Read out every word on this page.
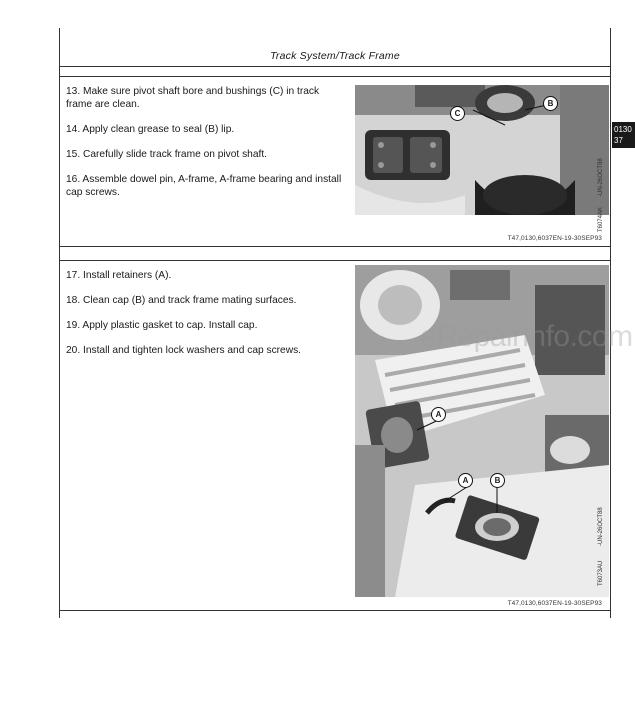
Track System/Track Frame
0130
37
13. Make sure pivot shaft bore and bushings (C) in track frame are clean.
14. Apply clean grease to seal (B) lip.
15. Carefully slide track frame on pivot shaft.
16. Assemble dowel pin, A-frame, A-frame bearing and install cap screws.
C
B
-UN-26OCT88
T6074AK
T47,0130,6037EN-19-30SEP93
17. Install retainers (A).
18. Clean cap (B) and track frame mating surfaces.
19. Apply plastic gasket to cap. Install cap.
20. Install and tighten lock washers and cap screws.
A
A	B
-UN-26OCT88
T6073AU
T47,0130,6037EN-19-30SEP93
eRepairInfo.com
